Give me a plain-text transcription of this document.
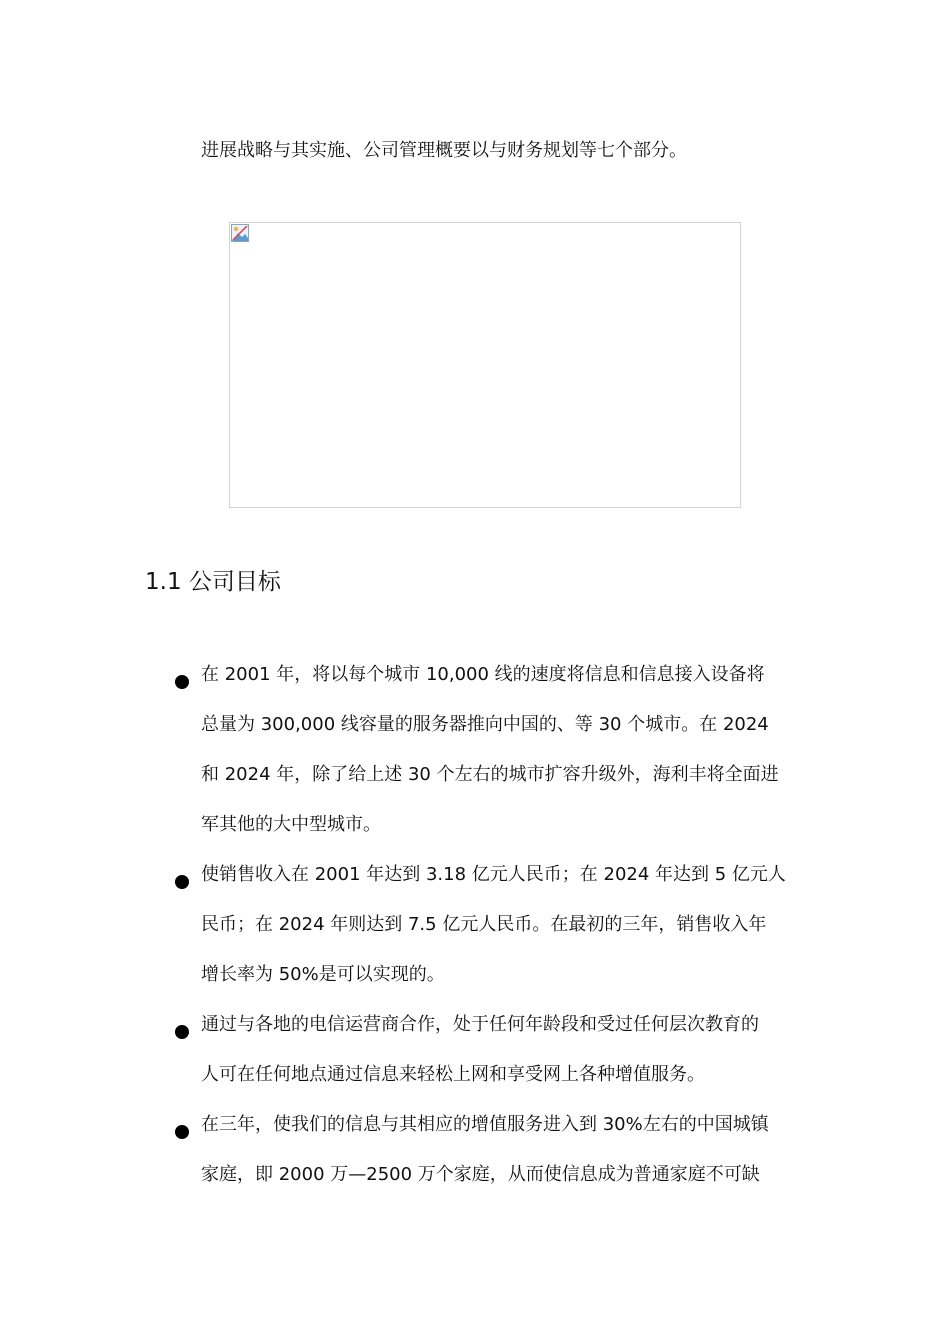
进展战略与其实施、公司管理概要以与财务规划等七个部分。
1.1 公司目标
在 2001 年，将以每个城市 10,000 线的速度将信息和信息接入设备将
总量为 300,000 线容量的服务器推向中国的、等 30 个城市。在 2024
和 2024 年，除了给上述 30 个左右的城市扩容升级外，海利丰将全面进
军其他的大中型城市。
使销售收入在 2001 年达到 3.18 亿元人民币；在 2024 年达到 5 亿元人
民币；在 2024 年则达到 7.5 亿元人民币。在最初的三年，销售收入年
增长率为 50%是可以实现的。
通过与各地的电信运营商合作，处于任何年龄段和受过任何层次教育的
人可在任何地点通过信息来轻松上网和享受网上各种增值服务。
在三年，使我们的信息与其相应的增值服务进入到 30%左右的中国城镇
家庭，即 2000 万—2500 万个家庭，从而使信息成为普通家庭不可缺
